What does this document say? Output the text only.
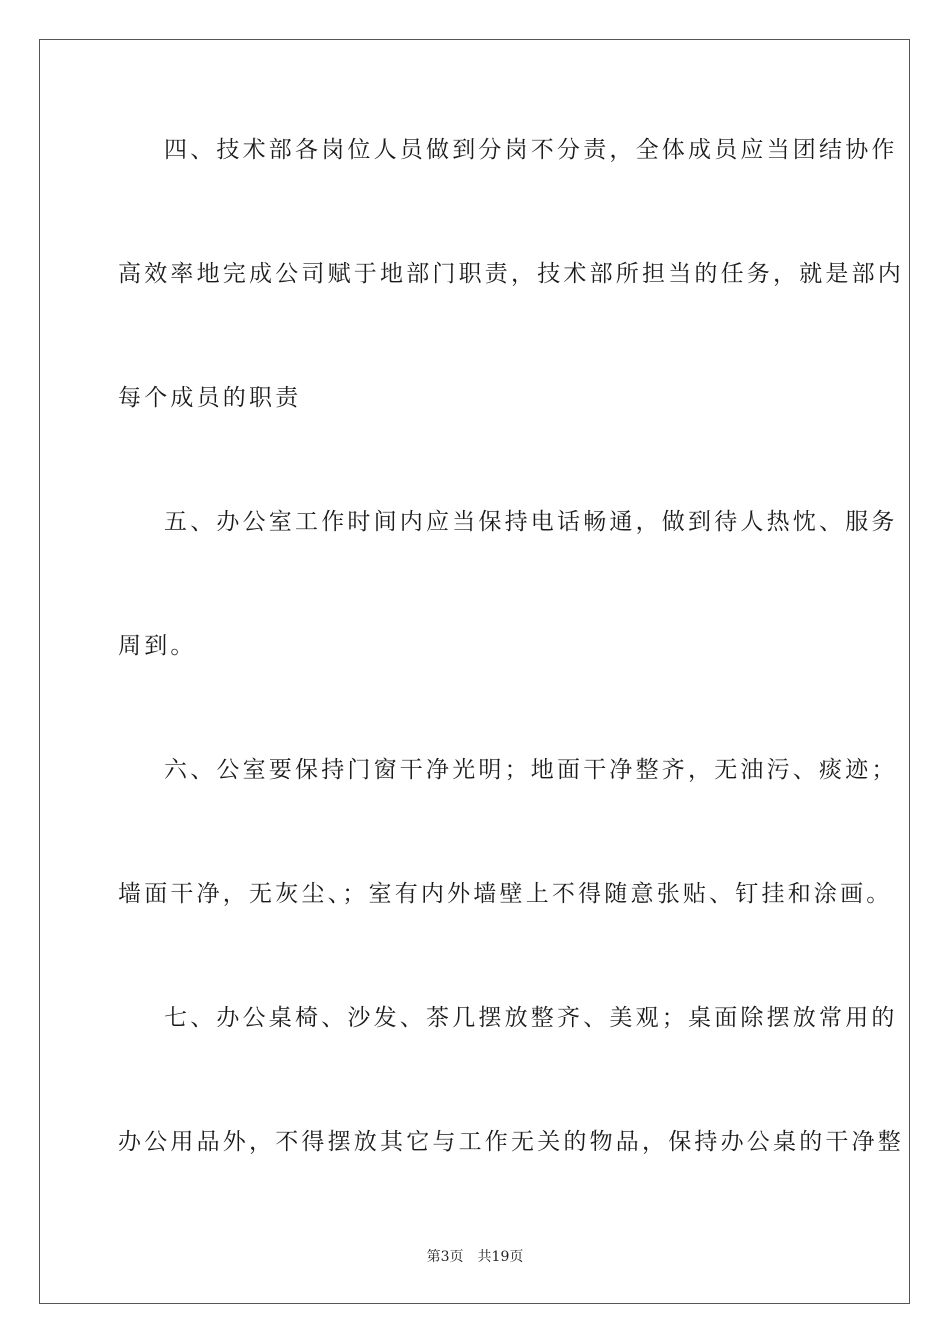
四、技术部各岗位人员做到分岗不分责，全体成员应当团结协作
高效率地完成公司赋于地部门职责，技术部所担当的任务，就是部内
每个成员的职责
五、办公室工作时间内应当保持电话畅通，做到待人热忱、服务
周到。
六、公室要保持门窗干净光明；地面干净整齐，无油污、痰迹；
墙面干净，无灰尘、；室有内外墙壁上不得随意张贴、钉挂和涂画。
七、办公桌椅、沙发、茶几摆放整齐、美观；桌面除摆放常用的
办公用品外，不得摆放其它与工作无关的物品，保持办公桌的干净整
第3页 共19页
